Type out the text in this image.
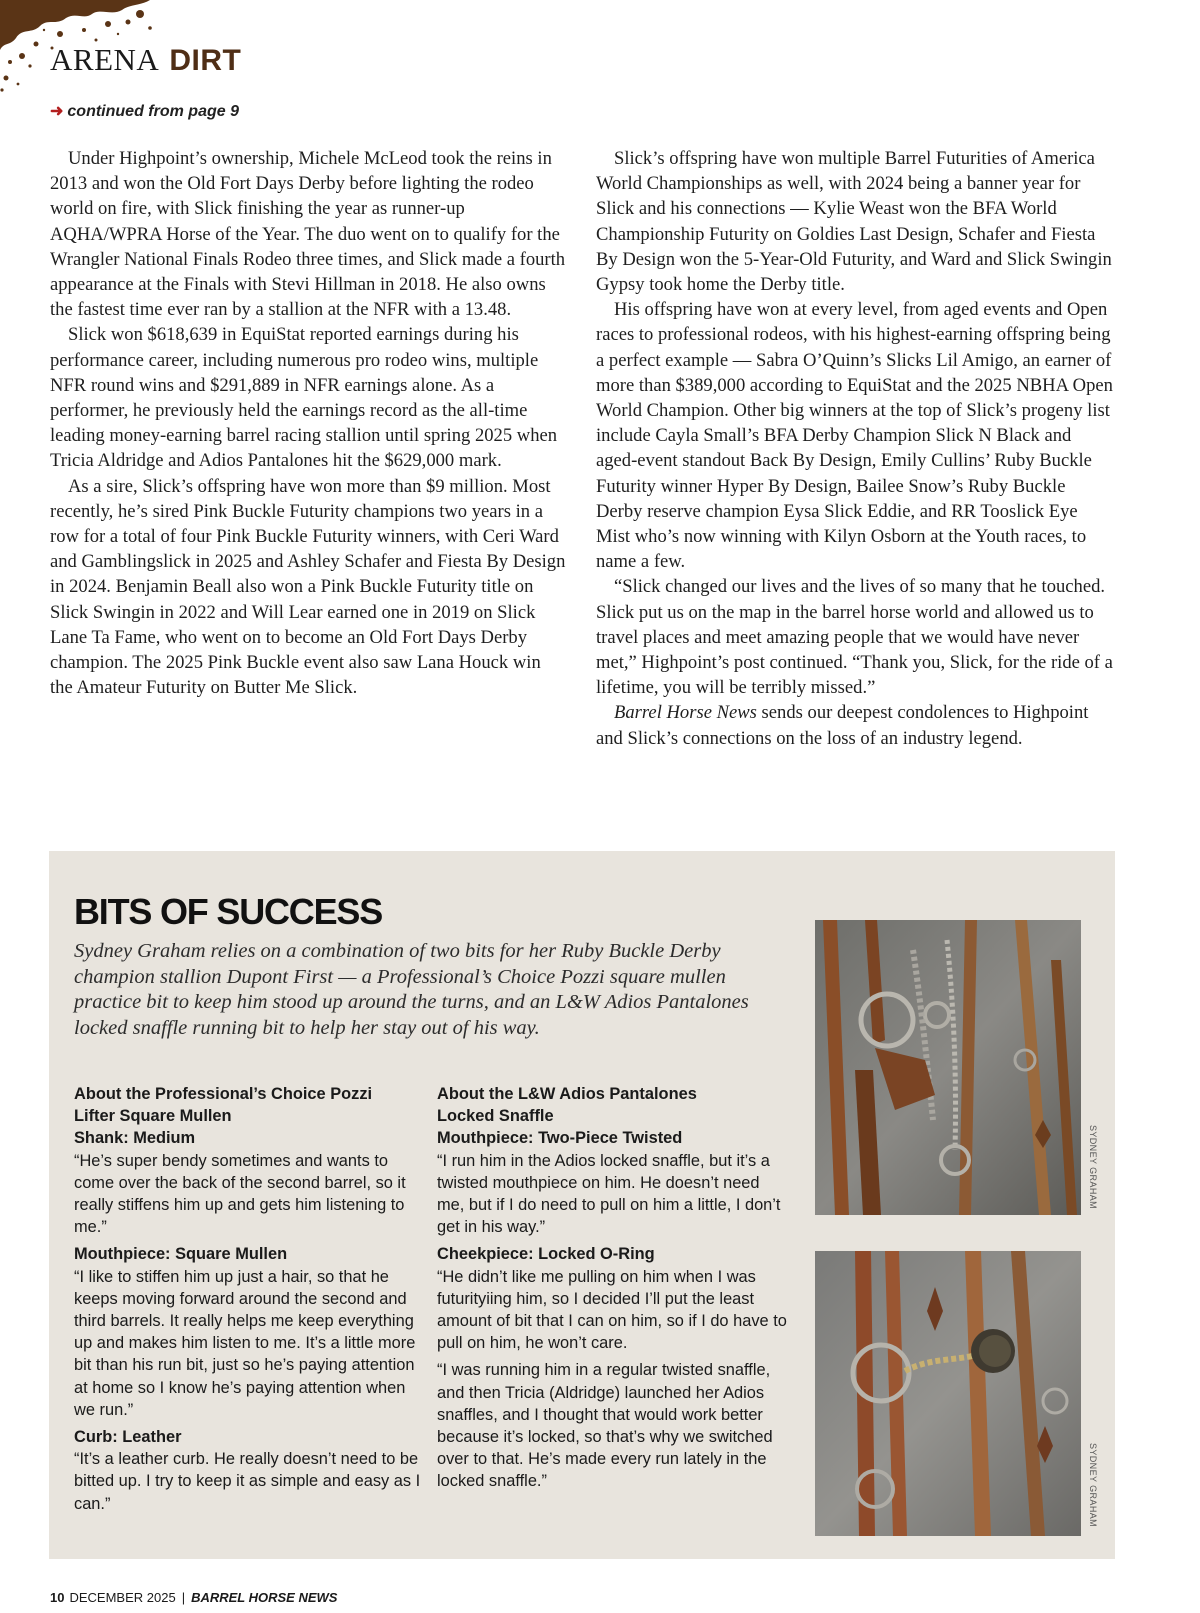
ARENA DIRT
➜ continued from page 9

Under Highpoint’s ownership, Michele McLeod took the reins in 2013 and won the Old Fort Days Derby before lighting the rodeo world on fire, with Slick finishing the year as runner-up AQHA/WPRA Horse of the Year. The duo went on to qualify for the Wrangler National Finals Rodeo three times, and Slick made a fourth appearance at the Finals with Stevi Hillman in 2018. He also owns the fastest time ever ran by a stallion at the NFR with a 13.48.

Slick won $618,639 in EquiStat reported earnings during his performance career, including numerous pro rodeo wins, multiple NFR round wins and $291,889 in NFR earnings alone. As a performer, he previously held the earnings record as the all-time leading money-earning barrel racing stallion until spring 2025 when Tricia Aldridge and Adios Pantalones hit the $629,000 mark.

As a sire, Slick’s offspring have won more than $9 million. Most recently, he’s sired Pink Buckle Futurity champions two years in a row for a total of four Pink Buckle Futurity winners, with Ceri Ward and Gamblingslick in 2025 and Ashley Schafer and Fiesta By Design in 2024. Benjamin Beall also won a Pink Buckle Futurity title on Slick Swingin in 2022 and Will Lear earned one in 2019 on Slick Lane Ta Fame, who went on to become an Old Fort Days Derby champion. The 2025 Pink Buckle event also saw Lana Houck win the Amateur Futurity on Butter Me Slick.

Slick’s offspring have won multiple Barrel Futurities of America World Championships as well, with 2024 being a banner year for Slick and his connections — Kylie Weast won the BFA World Championship Futurity on Goldies Last Design, Schafer and Fiesta By Design won the 5-Year-Old Futurity, and Ward and Slick Swingin Gypsy took home the Derby title.

His offspring have won at every level, from aged events and Open races to professional rodeos, with his highest-earning offspring being a perfect example — Sabra O’Quinn’s Slicks Lil Amigo, an earner of more than $389,000 according to EquiStat and the 2025 NBHA Open World Champion. Other big winners at the top of Slick’s progeny list include Cayla Small’s BFA Derby Champion Slick N Black and aged-event standout Back By Design, Emily Cullins’ Ruby Buckle Futurity winner Hyper By Design, Bailee Snow’s Ruby Buckle Derby reserve champion Eysa Slick Eddie, and RR Tooslick Eye Mist who’s now winning with Kilyn Osborn at the Youth races, to name a few.

“Slick changed our lives and the lives of so many that he touched. Slick put us on the map in the barrel horse world and allowed us to travel places and meet amazing people that we would have never met,” Highpoint’s post continued. “Thank you, Slick, for the ride of a lifetime, you will be terribly missed.”

Barrel Horse News sends our deepest condolences to Highpoint and Slick’s connections on the loss of an industry legend.

BITS OF SUCCESS
Sydney Graham relies on a combination of two bits for her Ruby Buckle Derby champion stallion Dupont First — a Professional’s Choice Pozzi square mullen practice bit to keep him stood up around the turns, and an L&W Adios Pantalones locked snaffle running bit to help her stay out of his way.
About the Professional’s Choice Pozzi
Lifter Square Mullen
Shank: Medium
“He’s super bendy sometimes and wants to come over the back of the second barrel, so it really stiffens him up and gets him listening to me.”
Mouthpiece: Square Mullen
“I like to stiffen him up just a hair, so that he keeps moving forward around the second and third barrels. It really helps me keep everything up and makes him listen to me. It’s a little more bit than his run bit, just so he’s paying attention at home so I know he’s paying attention when we run.”
Curb: Leather
“It’s a leather curb. He really doesn’t need to be bitted up. I try to keep it as simple and easy as I can.”
About the L&W Adios Pantalones
Locked Snaffle
Mouthpiece: Two-Piece Twisted
“I run him in the Adios locked snaffle, but it’s a twisted mouthpiece on him. He doesn’t need me, but if I do need to pull on him a little, I don’t get in his way.”
Cheekpiece: Locked O-Ring
“He didn’t like me pulling on him when I was futurityiing him, so I decided I’ll put the least amount of bit that I can on him, so if I do have to pull on him, he won’t care.
“I was running him in a regular twisted snaffle, and then Tricia (Aldridge) launched her Adios snaffles, and I thought that would work better because it’s locked, so that’s why we switched over to that. He’s made every run lately in the locked snaffle.”
SYDNEY GRAHAM
SYDNEY GRAHAM
10 DECEMBER 2025 | BARREL HORSE NEWS
